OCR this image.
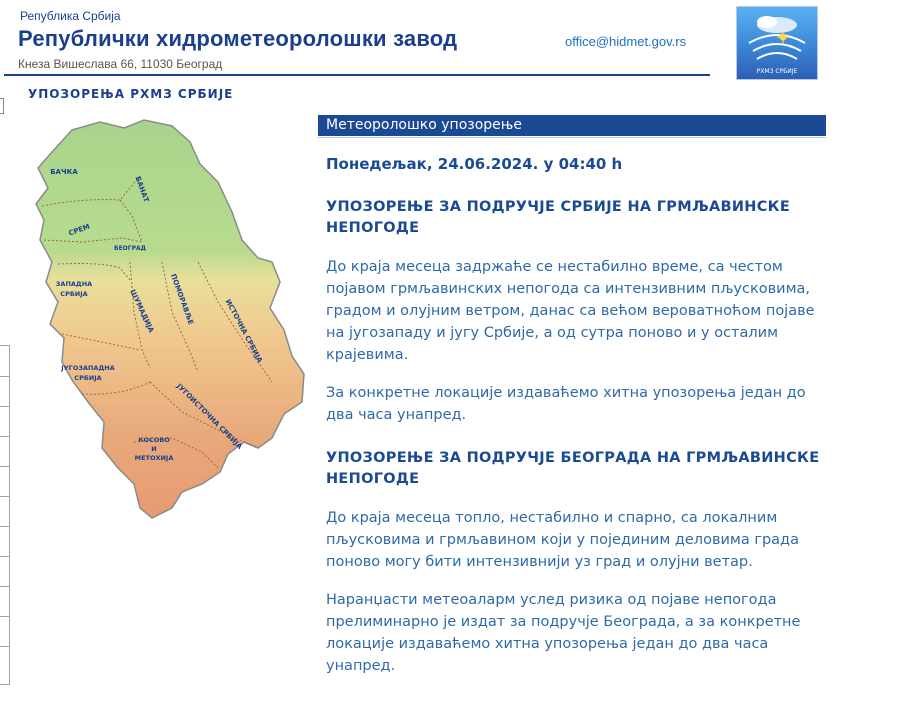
Република Србија
Републички хидрометеоролошки завод
Кнеза Вишеслава 66, 11030 Београд
office@hidmet.gov.rs
РХМЗ СРБИЈЕ
УПОЗОРЕЊА РХМЗ СРБИЈЕ
БАЧКА
БАНАТ
СРЕМ
БЕОГРАД
ЗАПАДНА
СРБИЈА	ШУМАДИЈА ПОМОРАВЉЕ	ИСТОЧНА СРБИЈА
ЈУГОЗАПАДНА
СРБИЈА
ЈУГОИСТОЧНА СРБИЈА
КОСОВО
И
МЕТОХИЈА
Метеоролошко упозорење

Понедељак, 24.06.2024. у 04:40 h

УПОЗОРЕЊЕ ЗА ПОДРУЧЈЕ СРБИЈЕ НА ГРМЉАВИНСКЕ НЕПОГОДЕ

До краја месеца задржаће се нестабилно време, са честом појавом грмљавинских непогода са интензивним пљусковима, градом и олујним ветром, данас са већом вероватноћом појаве на југозападу и југу Србије, а од сутра поново и у осталим крајевима.

За конкретне локације издаваћемо хитна упозорења један до два часа унапред.

УПОЗОРЕЊЕ ЗА ПОДРУЧЈЕ БЕОГРАДА НА ГРМЉАВИНСКЕ НЕПОГОДЕ

До краја месеца топло, нестабилно и спарно, са локалним пљусковима и грмљавином који у појединим деловима града поново могу бити интензивнији уз град и олујни ветар.

Наранџасти метеоаларм услед ризика од појаве непогода прелиминарно је издат за подручје Београда, а за конкретне локације издаваћемо хитна упозорења један до два часа унапред.
